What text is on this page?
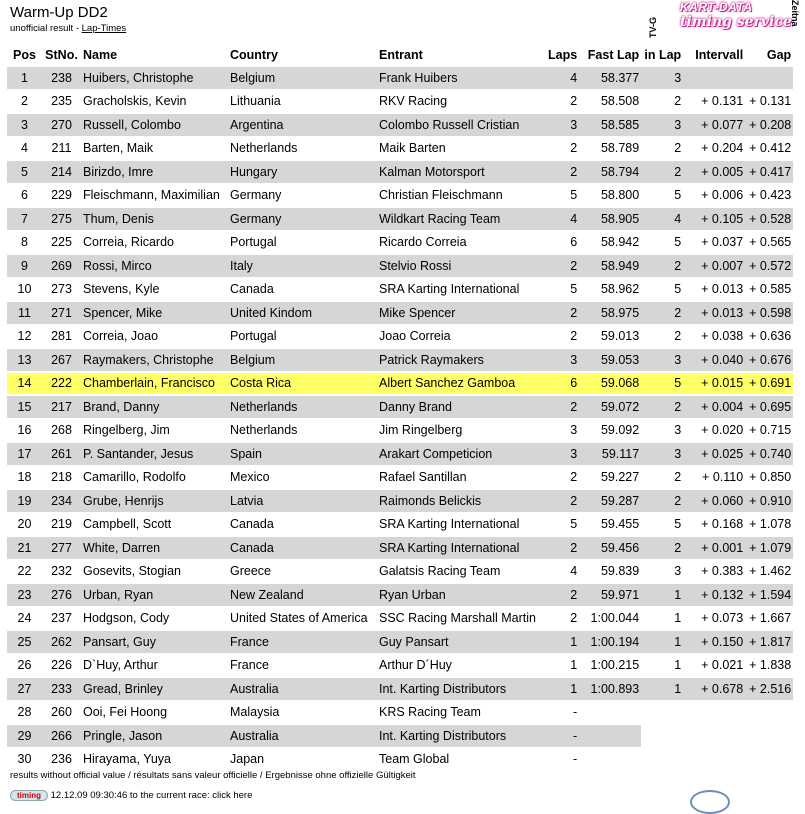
Warm-Up DD2
unofficial result - Lap-Times	TV-G
KART-DATA
timing service
Zeitna
Pos	StNo.	Name	Country	Entrant	Laps	Fast Lap	in Lap	Intervall	Gap
1	238	Huibers, Christophe	Belgium	Frank Huibers	4	58.377	3		
2	235	Gracholskis, Kevin	Lithuania	RKV Racing	2	58.508	2	+ 0.131	+ 0.131
3	270	Russell, Colombo	Argentina	Colombo Russell Cristian	3	58.585	3	+ 0.077	+ 0.208
4	211	Barten, Maik	Netherlands	Maik Barten	2	58.789	2	+ 0.204	+ 0.412
5	214	Birizdo, Imre	Hungary	Kalman Motorsport	2	58.794	2	+ 0.005	+ 0.417
6	229	Fleischmann, Maximilian	Germany	Christian Fleischmann	5	58.800	5	+ 0.006	+ 0.423
7	275	Thum, Denis	Germany	Wildkart Racing Team	4	58.905	4	+ 0.105	+ 0.528
8	225	Correia, Ricardo	Portugal	Ricardo Correia	6	58.942	5	+ 0.037	+ 0.565
9	269	Rossi, Mirco	Italy	Stelvio Rossi	2	58.949	2	+ 0.007	+ 0.572
10	273	Stevens, Kyle	Canada	SRA Karting International	5	58.962	5	+ 0.013	+ 0.585
11	271	Spencer, Mike	United Kindom	Mike Spencer	2	58.975	2	+ 0.013	+ 0.598
12	281	Correia, Joao	Portugal	Joao Correia	2	59.013	2	+ 0.038	+ 0.636
13	267	Raymakers, Christophe	Belgium	Patrick Raymakers	3	59.053	3	+ 0.040	+ 0.676
14	222	Chamberlain, Francisco	Costa Rica	Albert Sanchez Gamboa	6	59.068	5	+ 0.015	+ 0.691
15	217	Brand, Danny	Netherlands	Danny Brand	2	59.072	2	+ 0.004	+ 0.695
16	268	Ringelberg, Jim	Netherlands	Jim Ringelberg	3	59.092	3	+ 0.020	+ 0.715
17	261	P. Santander, Jesus	Spain	Arakart Competicion	3	59.117	3	+ 0.025	+ 0.740
18	218	Camarillo, Rodolfo	Mexico	Rafael Santillan	2	59.227	2	+ 0.110	+ 0.850
19	234	Grube, Henrijs	Latvia	Raimonds Belickis	2	59.287	2	+ 0.060	+ 0.910
20	219	Campbell, Scott	Canada	SRA Karting International	5	59.455	5	+ 0.168	+ 1.078
21	277	White, Darren	Canada	SRA Karting International	2	59.456	2	+ 0.001	+ 1.079
22	232	Gosevits, Stogian	Greece	Galatsis Racing Team	4	59.839	3	+ 0.383	+ 1.462
23	276	Urban, Ryan	New Zealand	Ryan Urban	2	59.971	1	+ 0.132	+ 1.594
24	237	Hodgson, Cody	United States of America	SSC Racing Marshall Martin	2	1:00.044	1	+ 0.073	+ 1.667
25	262	Pansart, Guy	France	Guy Pansart	1	1:00.194	1	+ 0.150	+ 1.817
26	226	D`Huy, Arthur	France	Arthur D´Huy	1	1:00.215	1	+ 0.021	+ 1.838
27	233	Gread, Brinley	Australia	Int. Karting Distributors	1	1:00.893	1	+ 0.678	+ 2.516
28	260	Ooi, Fei Hoong	Malaysia	KRS Racing Team	-				
29	266	Pringle, Jason	Australia	Int. Karting Distributors	-				
30	236	Hirayama, Yuya	Japan	Team Global	-				
results without official value / résultats sans valeur officielle / Ergebnisse ohne offizielle Gültigkeit
timing 12.12.09 09:30:46 to the current race: click here
